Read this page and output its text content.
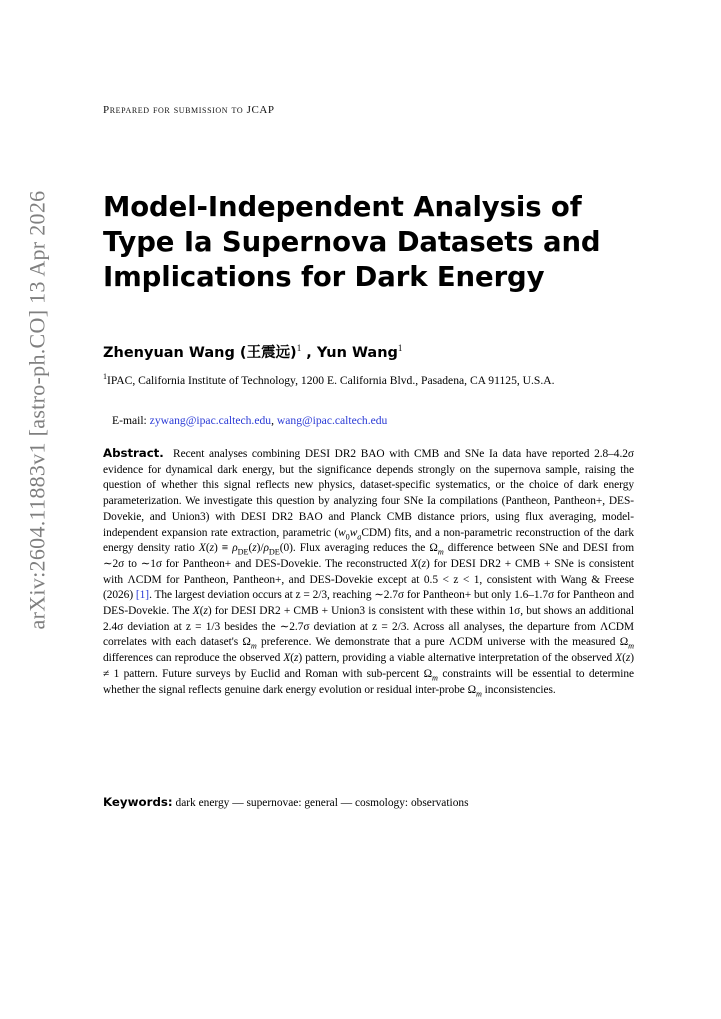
arXiv:2604.11883v1 [astro-ph.CO] 13 Apr 2026
Prepared for submission to JCAP
Model-Independent Analysis of Type Ia Supernova Datasets and Implications for Dark Energy

Zhenyuan Wang (王震远)$^1$ , Yun Wang$^1$

$^1$IPAC, California Institute of Technology, 1200 E. California Blvd., Pasadena, CA 91125, U.S.A.
E-mail: zywang@ipac.caltech.edu, wang@ipac.caltech.edu

Abstract. Recent analyses combining DESI DR2 BAO with CMB and SNe Ia data have reported 2.8–4.2σ evidence for dynamical dark energy, but the significance depends strongly on the supernova sample, raising the question of whether this signal reflects new physics, dataset-specific systematics, or the choice of dark energy parameterization. We investigate this question by analyzing four SNe Ia compilations (Pantheon, Pantheon+, DES-Dovekie, and Union3) with DESI DR2 BAO and Planck CMB distance priors, using flux averaging, model-independent expansion rate extraction, parametric $(w_0w_aCDM)$ fits, and a non-parametric reconstruction of the dark energy density ratio $X(z) \equiv \rho_{DE}(z)/\rho_{DE}(0)$. Flux averaging reduces the $\Omega_m$ difference between SNe and DESI from ∼2σ to ∼1σ for Pantheon+ and DES-Dovekie. The reconstructed X(z) for DESI DR2 + CMB + SNe is consistent with ΛCDM for Pantheon, Pantheon+, and DES-Dovekie except at 0.5 < z < 1, consistent with Wang & Freese (2026) [1]. The largest deviation occurs at z = 2/3, reaching ∼2.7σ for Pantheon+ but only 1.6–1.7σ for Pantheon and DES-Dovekie. The X(z) for DESI DR2 + CMB + Union3 is consistent with these within 1σ, but shows an additional 2.4σ deviation at z = 1/3 besides the ∼2.7σ deviation at z = 2/3. Across all analyses, the departure from ΛCDM correlates with each dataset's $\Omega_m$ preference. We demonstrate that a pure ΛCDM universe with the measured $\Omega_m$ differences can reproduce the observed X(z) pattern, providing a viable alternative interpretation of the observed X(z) ≠ 1 pattern. Future surveys by Euclid and Roman with sub-percent $\Omega_m$ constraints will be essential to determine whether the signal reflects genuine dark energy evolution or residual inter-probe $\Omega_m$ inconsistencies.

Keywords: dark energy — supernovae: general — cosmology: observations
